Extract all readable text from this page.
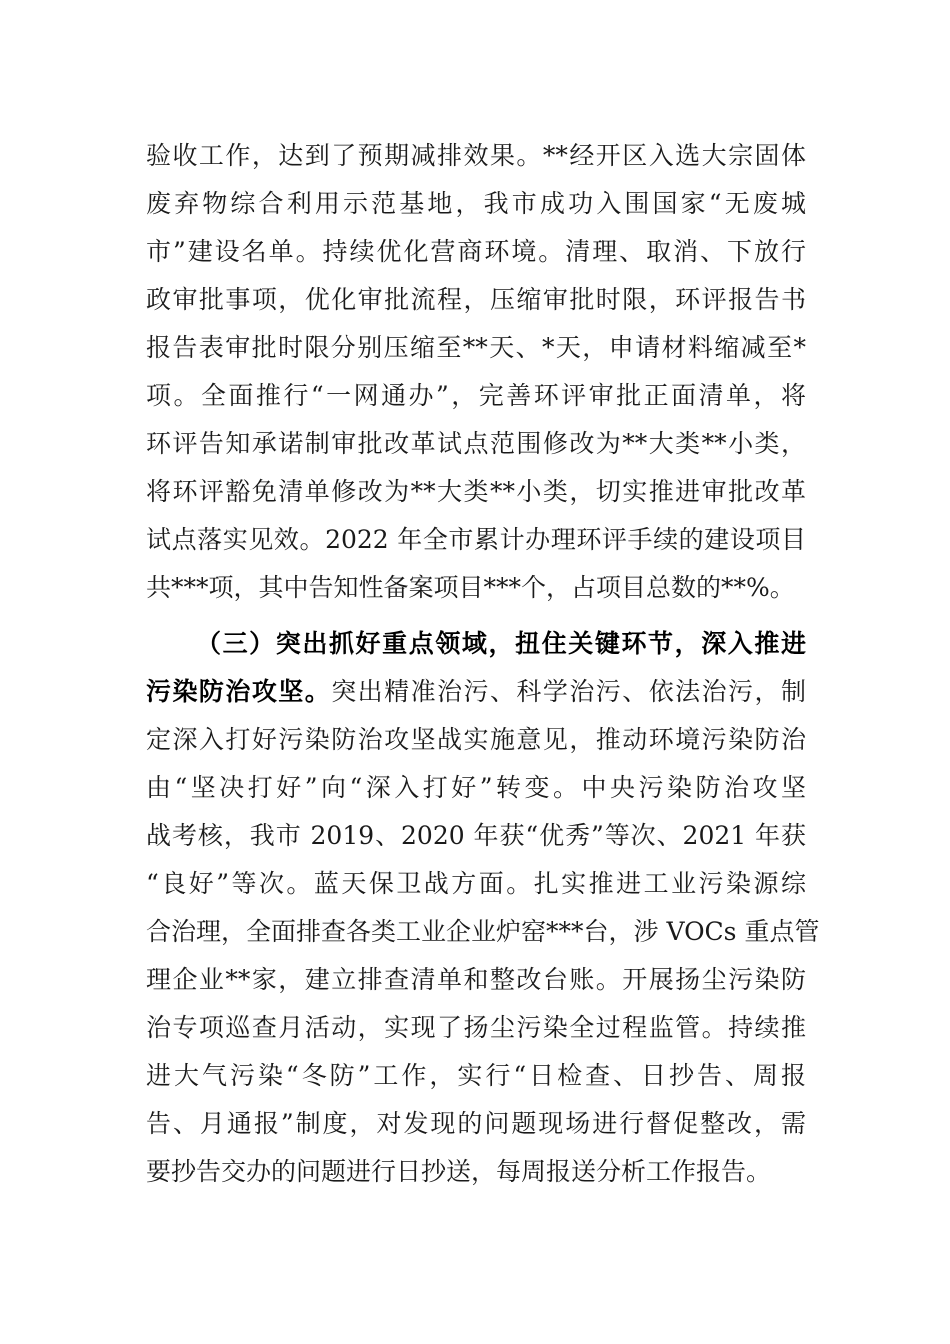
验收工作，达到了预期减排效果。**经开区入选大宗固体
废弃物综合利用示范基地，我市成功入围国家“无废城
市”建设名单。持续优化营商环境。清理、取消、下放行
政审批事项，优化审批流程，压缩审批时限，环评报告书
报告表审批时限分别压缩至**天、*天，申请材料缩减至*
项。全面推行“一网通办”，完善环评审批正面清单，将
环评告知承诺制审批改革试点范围修改为**大类**小类，
将环评豁免清单修改为**大类**小类，切实推进审批改革
试点落实见效。2022 年全市累计办理环评手续的建设项目
共***项，其中告知性备案项目***个，占项目总数的**%。
（三）突出抓好重点领域，扭住关键环节，深入推进
污染防治攻坚。突出精准治污、科学治污、依法治污，制
定深入打好污染防治攻坚战实施意见，推动环境污染防治
由“坚决打好”向“深入打好”转变。中央污染防治攻坚
战考核，我市 2019、2020 年获“优秀”等次、2021 年获
“良好”等次。蓝天保卫战方面。扎实推进工业污染源综
合治理，全面排查各类工业企业炉窑***台，涉 VOCs 重点管
理企业**家，建立排查清单和整改台账。开展扬尘污染防
治专项巡查月活动，实现了扬尘污染全过程监管。持续推
进大气污染“冬防”工作，实行“日检查、日抄告、周报
告、月通报”制度，对发现的问题现场进行督促整改，需
要抄告交办的问题进行日抄送，每周报送分析工作报告。
